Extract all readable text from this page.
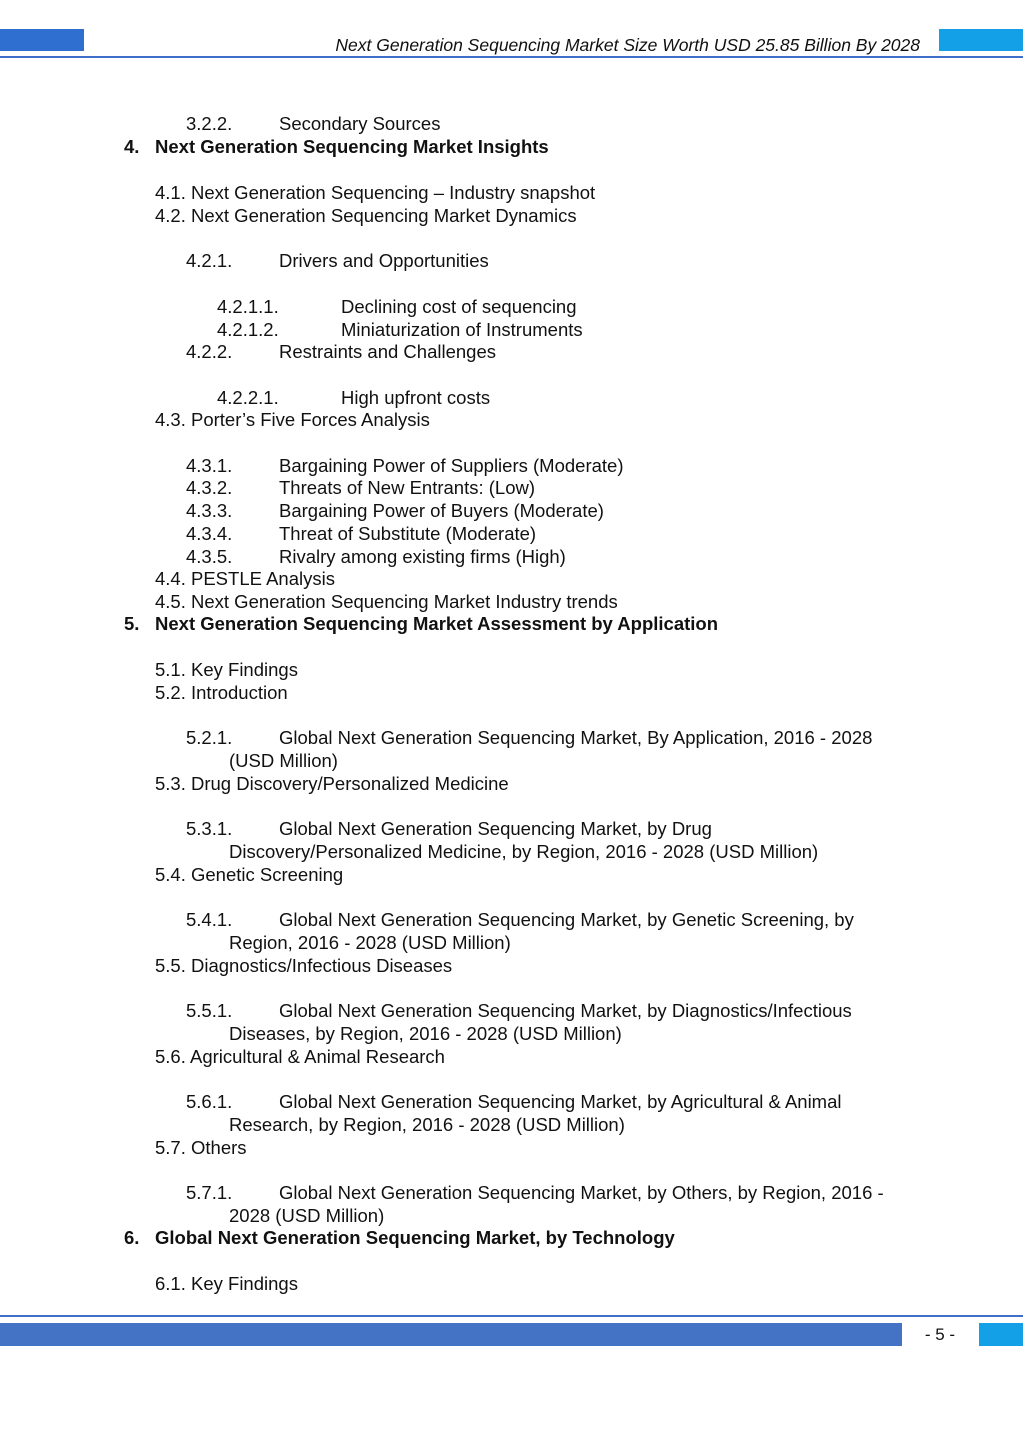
Next Generation Sequencing Market Size Worth USD 25.85 Billion By 2028
3.2.2.	Secondary Sources
4. Next Generation Sequencing Market Insights
4.1. Next Generation Sequencing – Industry snapshot
4.2. Next Generation Sequencing Market Dynamics
4.2.1.	Drivers and Opportunities
4.2.1.1.	Declining cost of sequencing
4.2.1.2.	Miniaturization of Instruments
4.2.2.	Restraints and Challenges
4.2.2.1.	High upfront costs
4.3. Porter’s Five Forces Analysis
4.3.1.	Bargaining Power of Suppliers (Moderate)
4.3.2.	Threats of New Entrants: (Low)
4.3.3.	Bargaining Power of Buyers (Moderate)
4.3.4.	Threat of Substitute (Moderate)
4.3.5.	Rivalry among existing firms (High)
4.4. PESTLE Analysis
4.5. Next Generation Sequencing Market Industry trends
5. Next Generation Sequencing Market Assessment by Application
5.1. Key Findings
5.2. Introduction
5.2.1.	Global Next Generation Sequencing Market, By Application, 2016 - 2028
(USD Million)
5.3. Drug Discovery/Personalized Medicine
5.3.1.	Global Next Generation Sequencing Market, by Drug
Discovery/Personalized Medicine, by Region, 2016 - 2028 (USD Million)
5.4. Genetic Screening
5.4.1.	Global Next Generation Sequencing Market, by Genetic Screening, by
Region, 2016 - 2028 (USD Million)
5.5. Diagnostics/Infectious Diseases
5.5.1.	Global Next Generation Sequencing Market, by Diagnostics/Infectious
Diseases, by Region, 2016 - 2028 (USD Million)
5.6. Agricultural & Animal Research
5.6.1.	Global Next Generation Sequencing Market, by Agricultural & Animal
Research, by Region, 2016 - 2028 (USD Million)
5.7. Others
5.7.1.	Global Next Generation Sequencing Market, by Others, by Region, 2016 -
2028 (USD Million)
6. Global Next Generation Sequencing Market, by Technology
6.1. Key Findings
- 5 -
